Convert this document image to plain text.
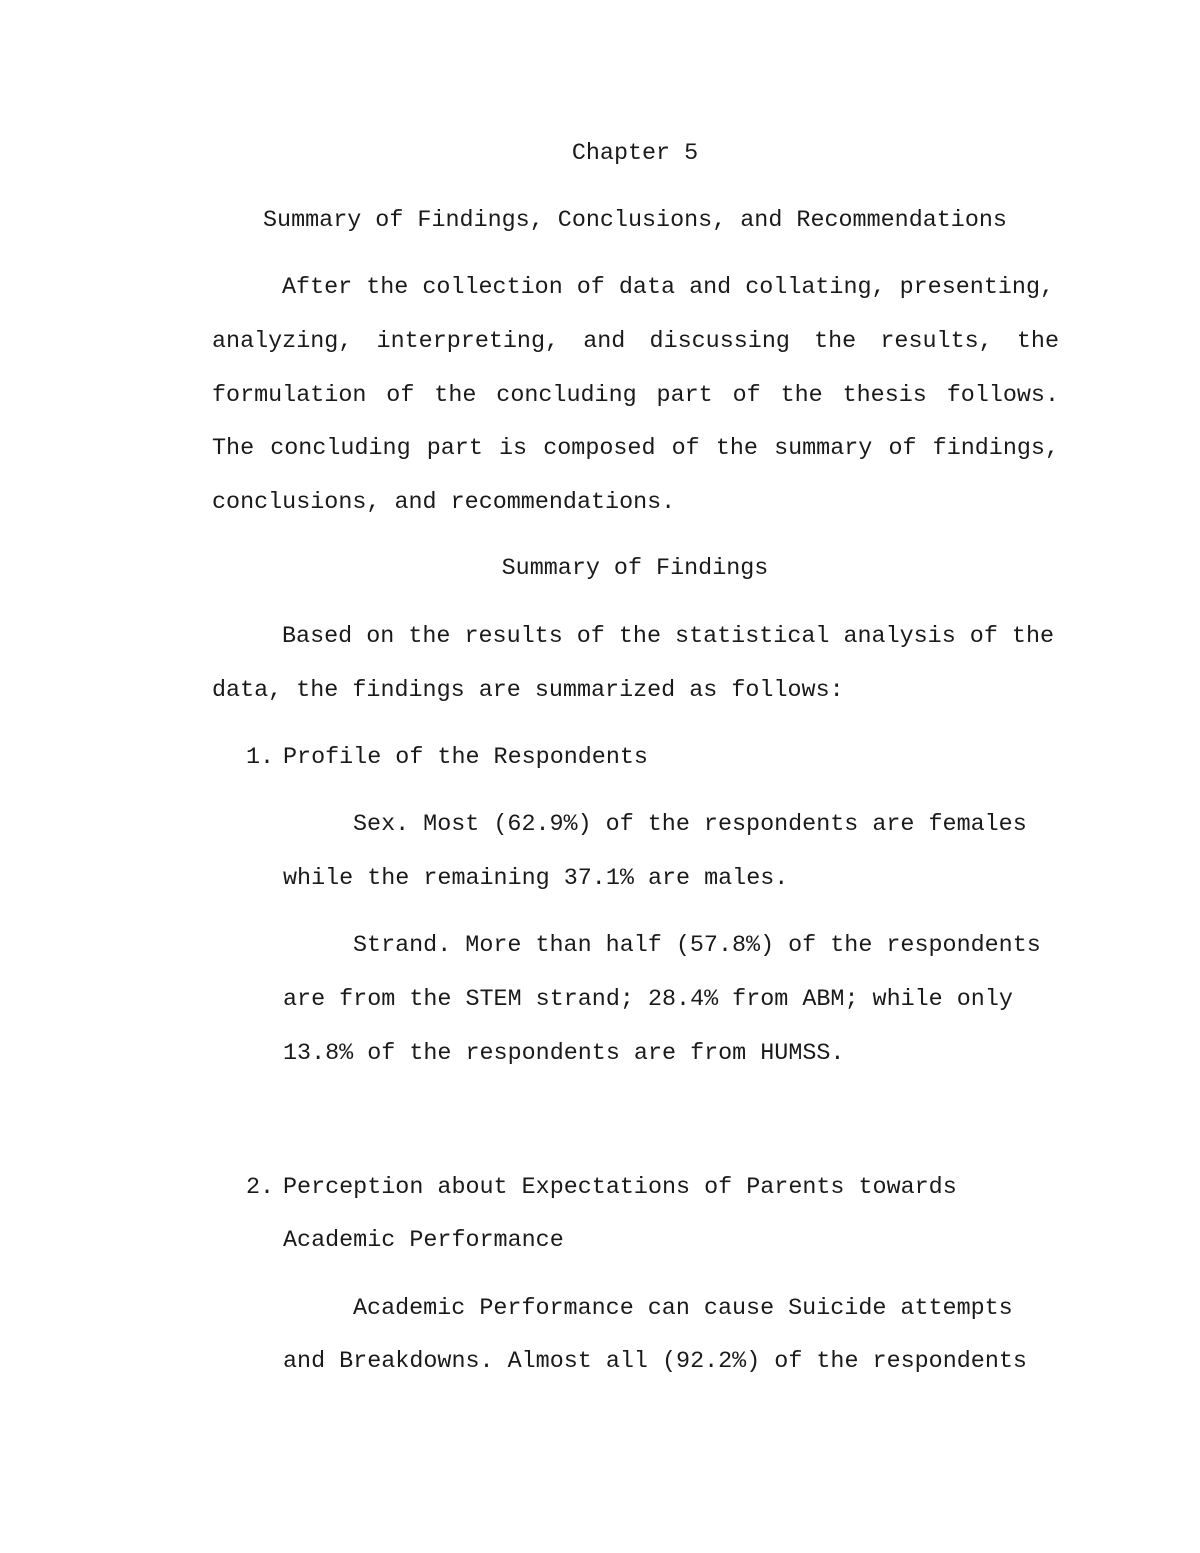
Chapter 5
Summary of Findings, Conclusions, and Recommendations
After the collection of data and collating, presenting,
analyzing, interpreting, and discussing the results, the
formulation of the concluding part of the thesis follows.
The concluding part is composed of the summary of findings,
conclusions, and recommendations.
Summary of Findings
Based on the results of the statistical analysis of the
data, the findings are summarized as follows:
1. Profile of the Respondents
Sex. Most (62.9%) of the respondents are females
while the remaining 37.1% are males.
Strand. More than half (57.8%) of the respondents
are from the STEM strand; 28.4% from ABM; while only
13.8% of the respondents are from HUMSS.
2. Perception about Expectations of Parents towards
Academic Performance
Academic Performance can cause Suicide attempts
and Breakdowns. Almost all (92.2%) of the respondents
